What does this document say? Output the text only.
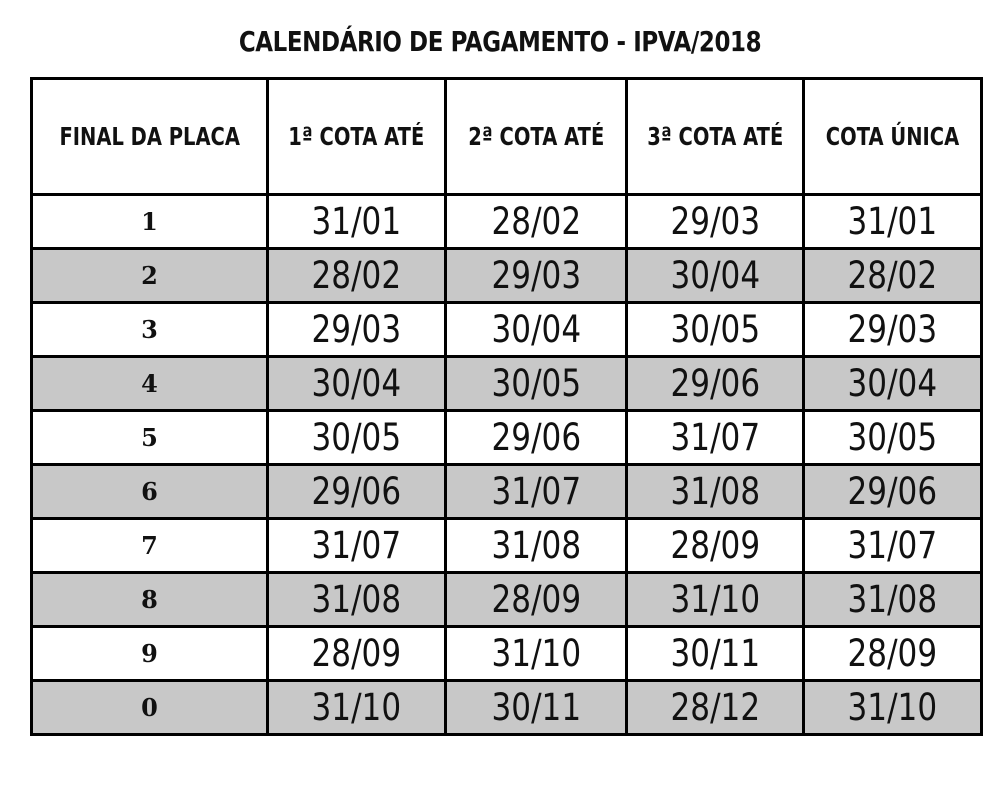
CALENDÁRIO DE PAGAMENTO - IPVA/2018
FINAL DA PLACA	1ª COTA ATÉ	2ª COTA ATÉ	3ª COTA ATÉ	COTA ÚNICA
1	31/01	28/02	29/03	31/01
2	28/02	29/03	30/04	28/02
3	29/03	30/04	30/05	29/03
4	30/04	30/05	29/06	30/04
5	30/05	29/06	31/07	30/05
6	29/06	31/07	31/08	29/06
7	31/07	31/08	28/09	31/07
8	31/08	28/09	31/10	31/08
9	28/09	31/10	30/11	28/09
0	31/10	30/11	28/12	31/10
